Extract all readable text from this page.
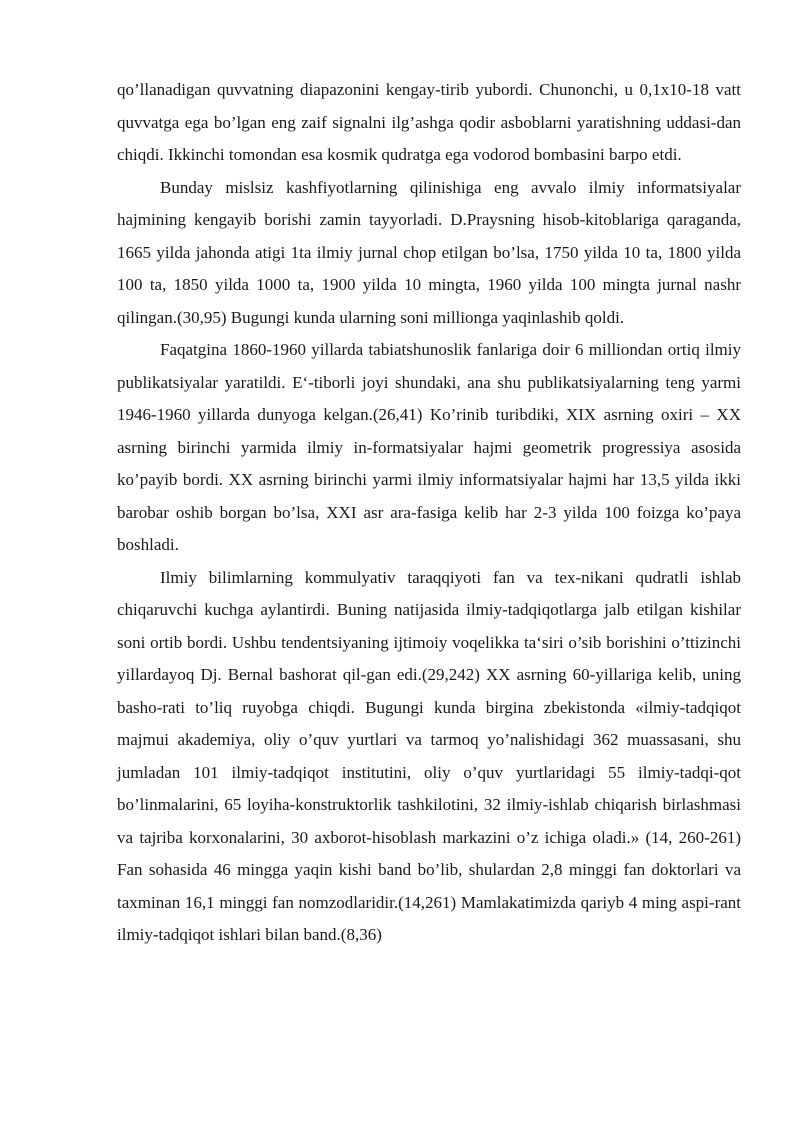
qo’llanadigan quvvatning diapazonini kengay-tirib yubordi. Chunonchi, u 0,1x10-18 vatt quvvatga ega bo’lgan eng zaif signalni ilg’ashga qodir asboblarni yaratishning uddasi-dan chiqdi. Ikkinchi tomondan esa kosmik qudratga ega vodorod bombasini barpo etdi.

Bunday mislsiz kashfiyotlarning qilinishiga eng avvalo ilmiy informatsiyalar hajmining kengayib borishi zamin tayyorladi. D.Praysning hisob-kitoblariga qaraganda, 1665 yilda jahonda atigi 1ta ilmiy jurnal chop etilgan bo’lsa, 1750 yilda 10 ta, 1800 yilda 100 ta, 1850 yilda 1000 ta, 1900 yilda 10 mingta, 1960 yilda 100 mingta jurnal nashr qilingan.(30,95) Bugungi kunda ularning soni millionga yaqinlashib qoldi.

Faqatgina 1860-1960 yillarda tabiatshunoslik fanlariga doir 6 milliondan ortiq ilmiy publikatsiyalar yaratildi. E‘-tiborli joyi shundaki, ana shu publikatsiyalarning teng yarmi 1946-1960 yillarda dunyoga kelgan.(26,41) Ko’rinib turibdiki, XIX asrning oxiri – XX asrning birinchi yarmida ilmiy in-formatsiyalar hajmi geometrik progressiya asosida ko’payib bordi. XX asrning birinchi yarmi ilmiy informatsiyalar hajmi har 13,5 yilda ikki barobar oshib borgan bo’lsa, XXI asr ara-fasiga kelib har 2-3 yilda 100 foizga ko’paya boshladi.

Ilmiy bilimlarning kommulyativ taraqqiyoti fan va tex-nikani qudratli ishlab chiqaruvchi kuchga aylantirdi. Buning natijasida ilmiy-tadqiqotlarga jalb etilgan kishilar soni ortib bordi. Ushbu tendentsiyaning ijtimoiy voqelikka ta‘siri o’sib borishini o’ttizinchi yillardayoq Dj. Bernal bashorat qil-gan edi.(29,242) XX asrning 60-yillariga kelib, uning basho-rati to’liq ruyobga chiqdi. Bugungi kunda birgina zbekistonda «ilmiy-tadqiqot majmui akademiya, oliy o’quv yurtlari va tarmoq yo’nalishidagi 362 muassasani, shu jumladan 101 ilmiy-tadqiqot institutini, oliy o’quv yurtlaridagi 55 ilmiy-tadqi-qot bo’linmalarini, 65 loyiha-konstruktorlik tashkilotini, 32 ilmiy-ishlab chiqarish birlashmasi va tajriba korxonalarini, 30 axborot-hisoblash markazini o’z ichiga oladi.» (14, 260-261) Fan sohasida 46 mingga yaqin kishi band bo’lib, shulardan 2,8 minggi fan doktorlari va taxminan 16,1 minggi fan nomzodlaridir.(14,261) Mamlakatimizda qariyb 4 ming aspi-rant ilmiy-tadqiqot ishlari bilan band.(8,36)
